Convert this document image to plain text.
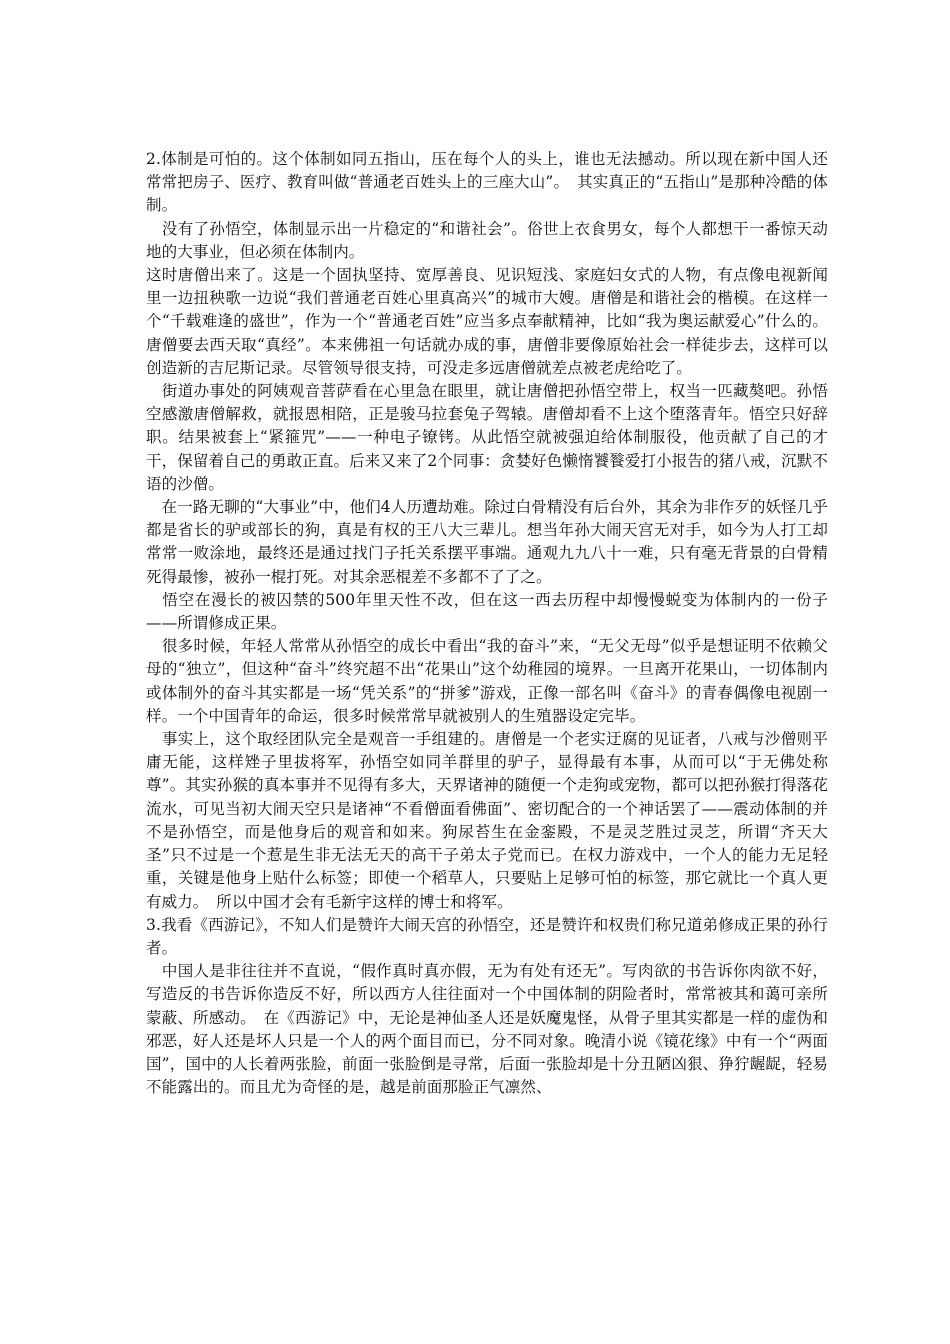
2.体制是可怕的。这个体制如同五指山，压在每个人的头上，谁也无法撼动。所以现在新中国人还常常把房子、医疗、教育叫做“普通老百姓头上的三座大山”。　其实真正的“五指山”是那种冷酷的体制。

　没有了孙悟空，体制显示出一片稳定的“和谐社会”。俗世上衣食男女，每个人都想干一番惊天动地的大事业，但必须在体制内。

这时唐僧出来了。这是一个固执坚持、宽厚善良、见识短浅、家庭妇女式的人物，有点像电视新闻里一边扭秧歌一边说“我们普通老百姓心里真高兴”的城市大嫂。唐僧是和谐社会的楷模。在这样一个“千载难逢的盛世”，作为一个“普通老百姓”应当多点奉献精神，比如“我为奥运献爱心”什么的。唐僧要去西天取“真经”。本来佛祖一句话就办成的事，唐僧非要像原始社会一样徒步去，这样可以创造新的吉尼斯记录。尽管领导很支持，可没走多远唐僧就差点被老虎给吃了。

　街道办事处的阿姨观音菩萨看在心里急在眼里，就让唐僧把孙悟空带上，权当一匹藏獒吧。孙悟空感激唐僧解救，就报恩相陪，正是骏马拉套兔子驾辕。唐僧却看不上这个堕落青年。悟空只好辞职。结果被套上“紧箍咒”——一种电子镣铐。从此悟空就被强迫给体制服役，他贡献了自己的才干，保留着自己的勇敢正直。后来又来了2个同事：贪婪好色懒惰饕餮爱打小报告的猪八戒，沉默不语的沙僧。

　在一路无聊的“大事业”中，他们4人历遭劫难。除过白骨精没有后台外，其余为非作歹的妖怪几乎都是省长的驴或部长的狗，真是有权的王八大三辈儿。想当年孙大闹天宫无对手，如今为人打工却常常一败涂地，最终还是通过找门子托关系摆平事端。通观九九八十一难，只有毫无背景的白骨精死得最惨，被孙一棍打死。对其余恶棍差不多都不了了之。

　悟空在漫长的被囚禁的500年里天性不改，但在这一西去历程中却慢慢蜕变为体制内的一份子——所谓修成正果。

　很多时候，年轻人常常从孙悟空的成长中看出“我的奋斗”来，“无父无母”似乎是想证明不依赖父母的“独立”，但这种“奋斗”终究超不出“花果山”这个幼稚园的境界。一旦离开花果山，一切体制内或体制外的奋斗其实都是一场“凭关系”的“拼爹”游戏，正像一部名叫《奋斗》的青春偶像电视剧一样。一个中国青年的命运，很多时候常常早就被别人的生殖器设定完毕。

　事实上，这个取经团队完全是观音一手组建的。唐僧是一个老实迂腐的见证者，八戒与沙僧则平庸无能，这样矬子里拔将军，孙悟空如同羊群里的驴子，显得最有本事，从而可以“于无佛处称尊”。其实孙猴的真本事并不见得有多大，天界诸神的随便一个走狗或宠物，都可以把孙猴打得落花流水，可见当初大闹天空只是诸神“不看僧面看佛面”、密切配合的一个神话罢了——震动体制的并不是孙悟空，而是他身后的观音和如来。狗尿苔生在金銮殿，不是灵芝胜过灵芝，所谓“齐天大圣”只不过是一个惹是生非无法无天的高干子弟太子党而已。在权力游戏中，一个人的能力无足轻重，关键是他身上贴什么标签；即使一个稻草人，只要贴上足够可怕的标签，那它就比一个真人更有威力。　所以中国才会有毛新宇这样的博士和将军。

3.我看《西游记》，不知人们是赞许大闹天宫的孙悟空，还是赞许和权贵们称兄道弟修成正果的孙行者。

　中国人是非往往并不直说，“假作真时真亦假，无为有处有还无”。写肉欲的书告诉你肉欲不好，写造反的书告诉你造反不好，所以西方人往往面对一个中国体制的阴险者时，常常被其和蔼可亲所蒙蔽、所感动。　在《西游记》中，无论是神仙圣人还是妖魔鬼怪，从骨子里其实都是一样的虚伪和邪恶，好人还是坏人只是一个人的两个面目而已，分不同对象。晚清小说《镜花缘》中有一个“两面国”，国中的人长着两张脸，前面一张脸倒是寻常，后面一张脸却是十分丑陋凶狠、狰狞龌龊，轻易不能露出的。而且尤为奇怪的是，越是前面那脸正气凛然、
